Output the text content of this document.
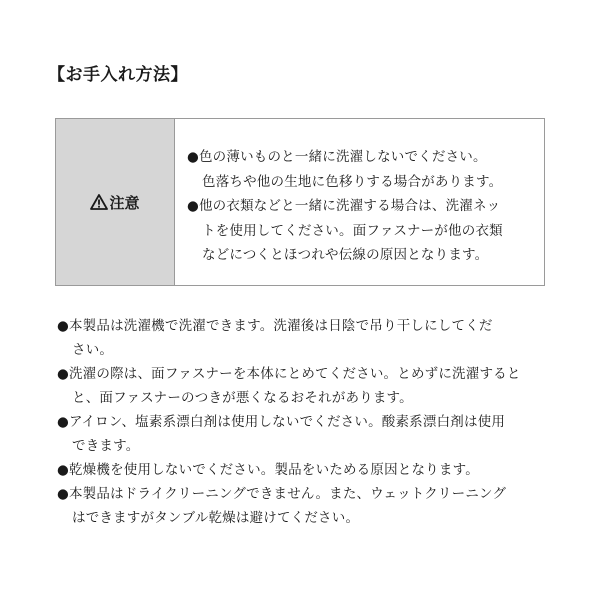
【お手入れ方法】
注意
●色の薄いものと一緒に洗濯しないでください。
色落ちや他の生地に色移りする場合があります。
●他の衣類などと一緒に洗濯する場合は、洗濯ネッ
トを使用してください。面ファスナーが他の衣類
などにつくとほつれや伝線の原因となります。
●本製品は洗濯機で洗濯できます。洗濯後は日陰で吊り干しにしてくだ
さい。
●洗濯の際は、面ファスナーを本体にとめてください。とめずに洗濯すると
と、面ファスナーのつきが悪くなるおそれがあります。
●アイロン、塩素系漂白剤は使用しないでください。酸素系漂白剤は使用
できます。
●乾燥機を使用しないでください。製品をいためる原因となります。
●本製品はドライクリーニングできません。また、ウェットクリーニング
はできますがタンブル乾燥は避けてください。
